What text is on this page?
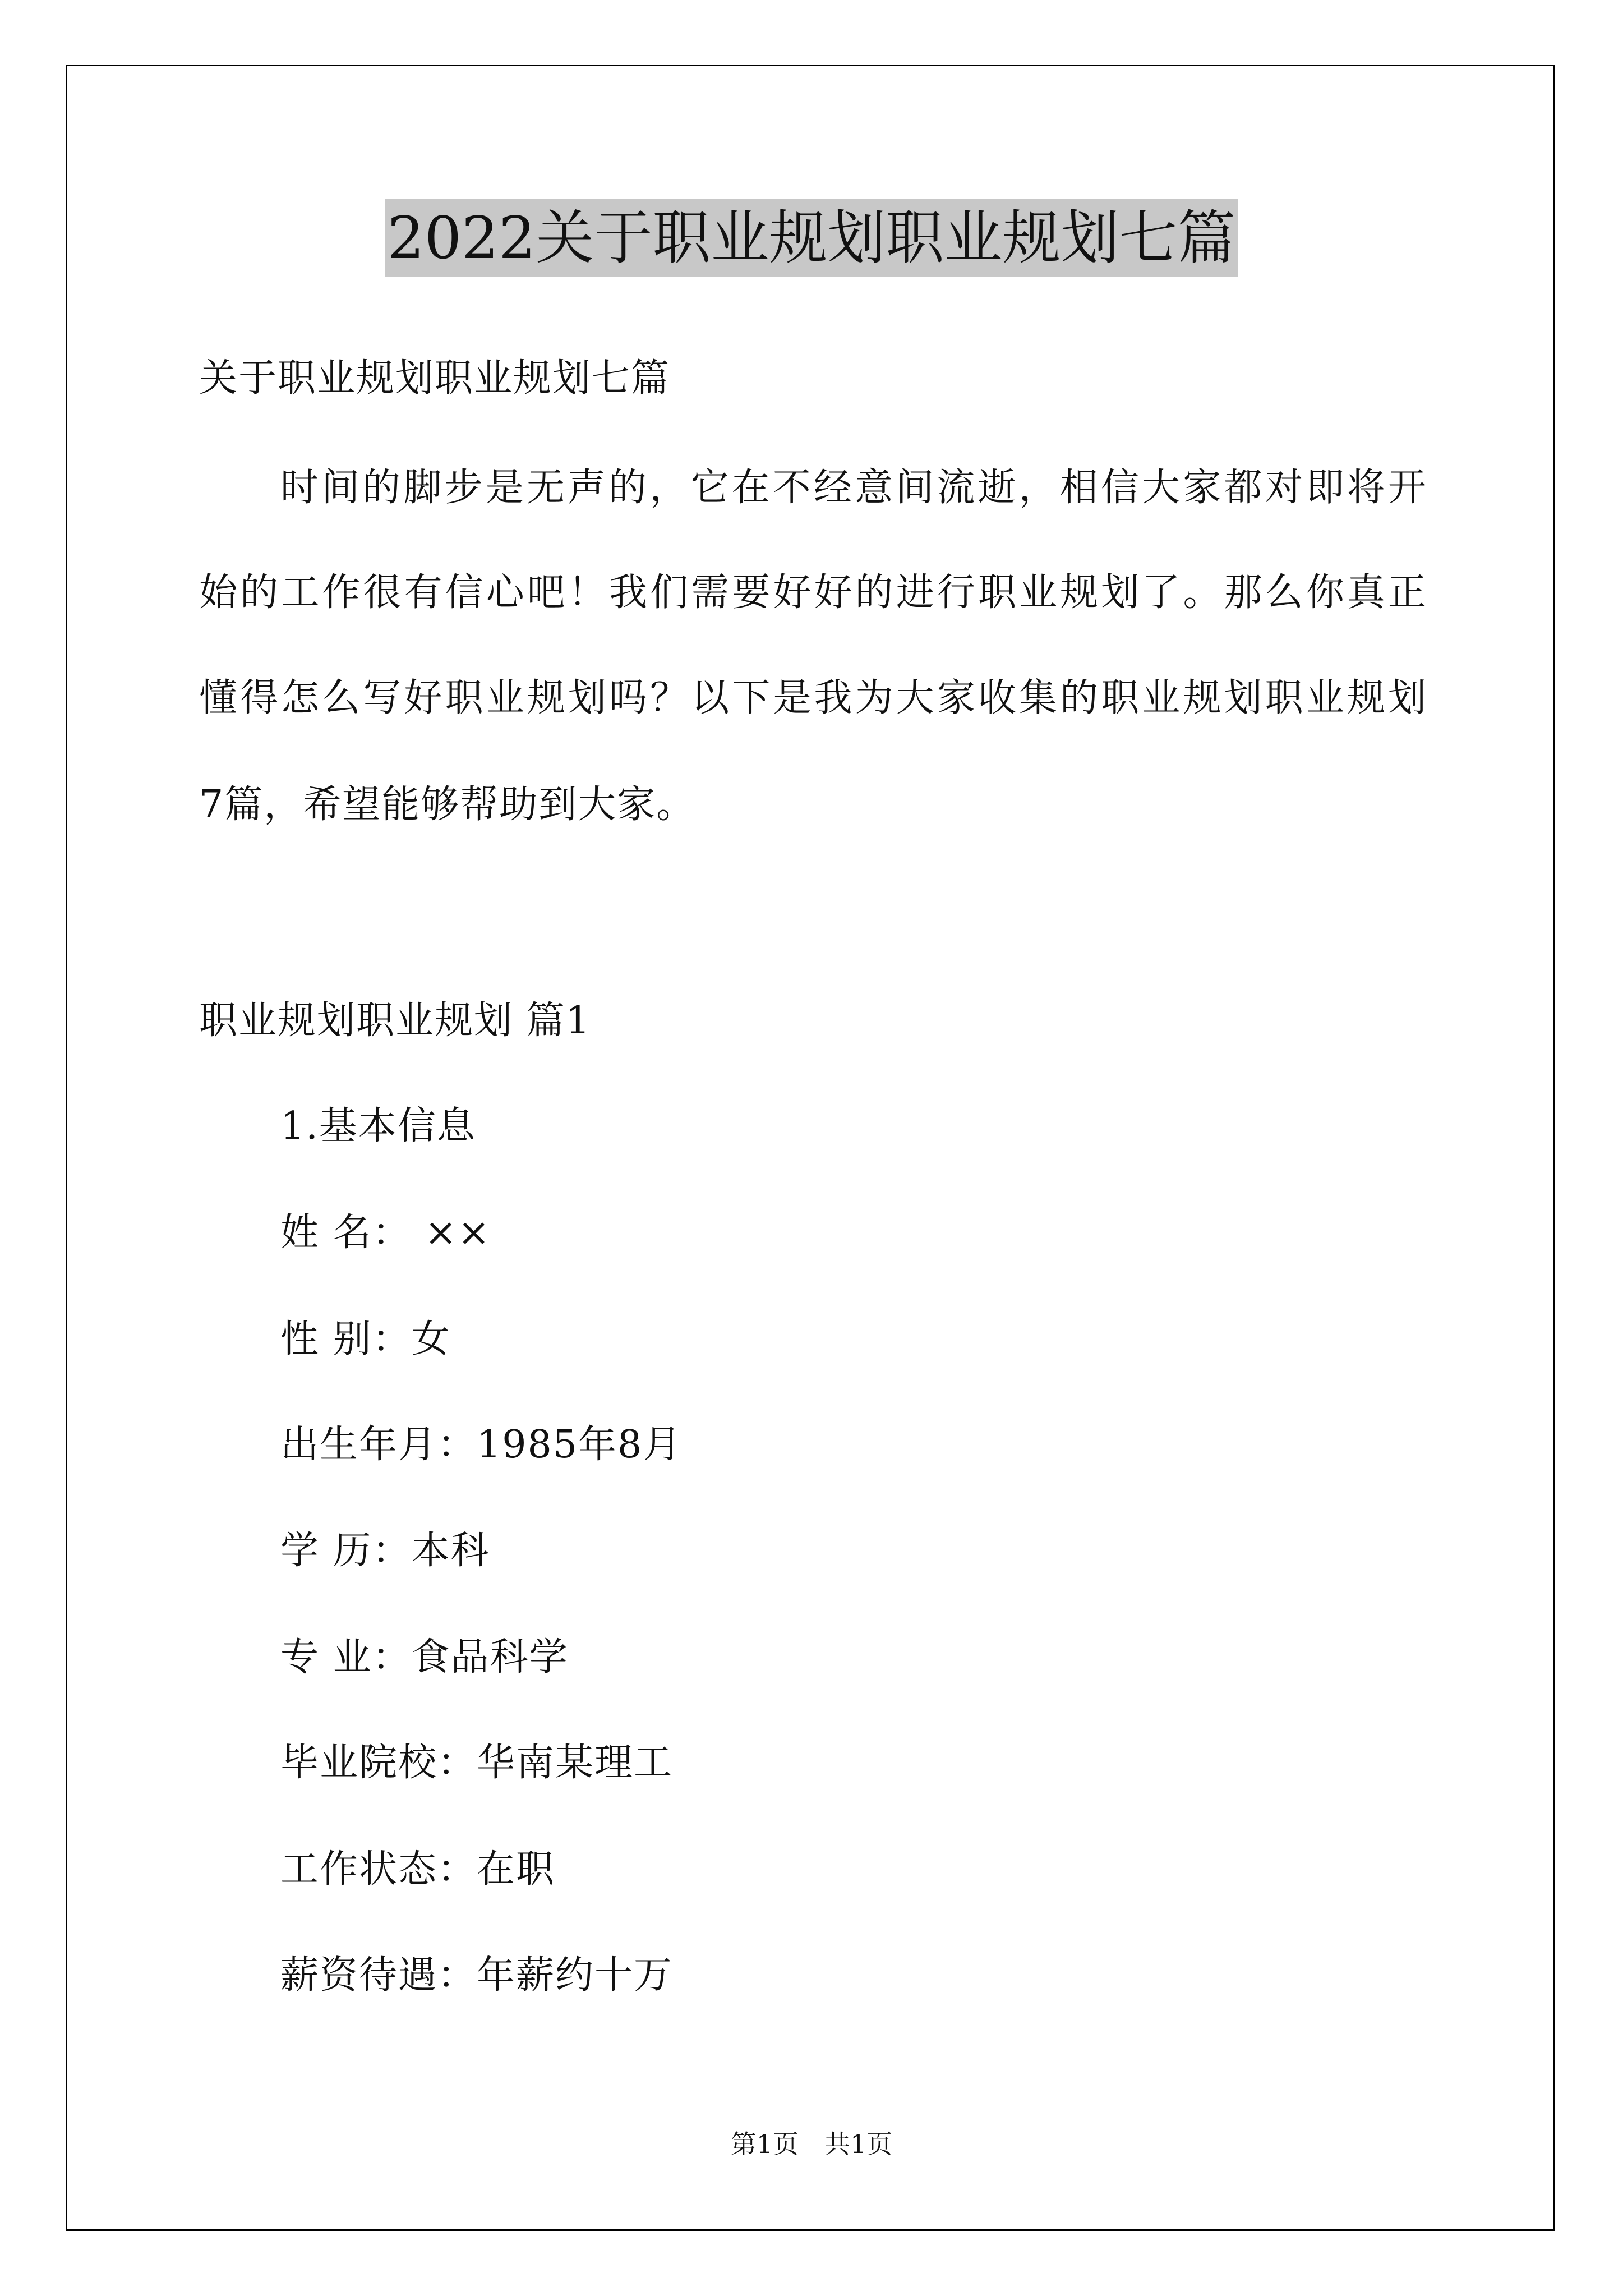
2022关于职业规划职业规划七篇
关于职业规划职业规划七篇
时间的脚步是无声的，它在不经意间流逝，相信大家都对即将开
始的工作很有信心吧！我们需要好好的进行职业规划了。那么你真正
懂得怎么写好职业规划吗？以下是我为大家收集的职业规划职业规划
7篇，希望能够帮助到大家。
职业规划职业规划 篇1
1.基本信息
姓 名： ××
性 别：女
出生年月：1985年8月
学 历：本科
专 业：食品科学
毕业院校：华南某理工
工作状态：在职
薪资待遇：年薪约十万
第1页　共1页
